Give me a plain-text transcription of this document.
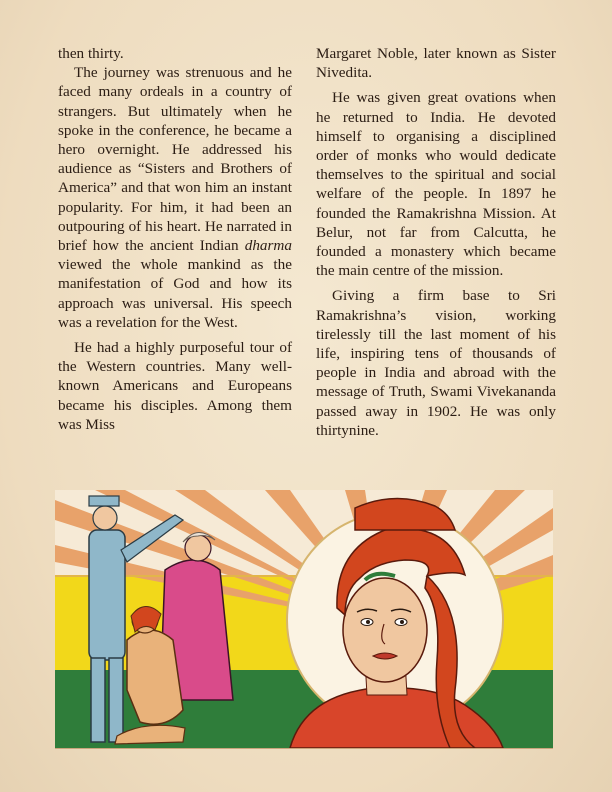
then thirty.

The journey was strenuous and he faced many ordeals in a country of strangers. But ultimately when he spoke in the conference, he became a hero overnight. He addressed his audience as “Sisters and Brothers of America” and that won him an instant popularity. For him, it had been an outpouring of his heart. He narrated in brief how the ancient Indian dharma viewed the whole mankind as the manifestation of God and how its approach was universal. His speech was a revelation for the West.

He had a highly purposeful tour of the Western countries. Many well-known Americans and Europeans became his disciples. Among them was Miss

Margaret Noble, later known as Sister Nivedita.

He was given great ovations when he returned to India. He devoted himself to organising a disciplined order of monks who would dedicate themselves to the spiritual and social welfare of the people. In 1897 he founded the Ramakrishna Mission. At Belur, not far from Calcutta, he founded a monastery which became the main centre of the mission.

Giving a firm base to Sri Ramakrishna’s vision, working tirelessly till the last moment of his life, inspiring tens of thousands of people in India and abroad with the message of Truth, Swami Vivekananda passed away in 1902. He was only thirtynine.
